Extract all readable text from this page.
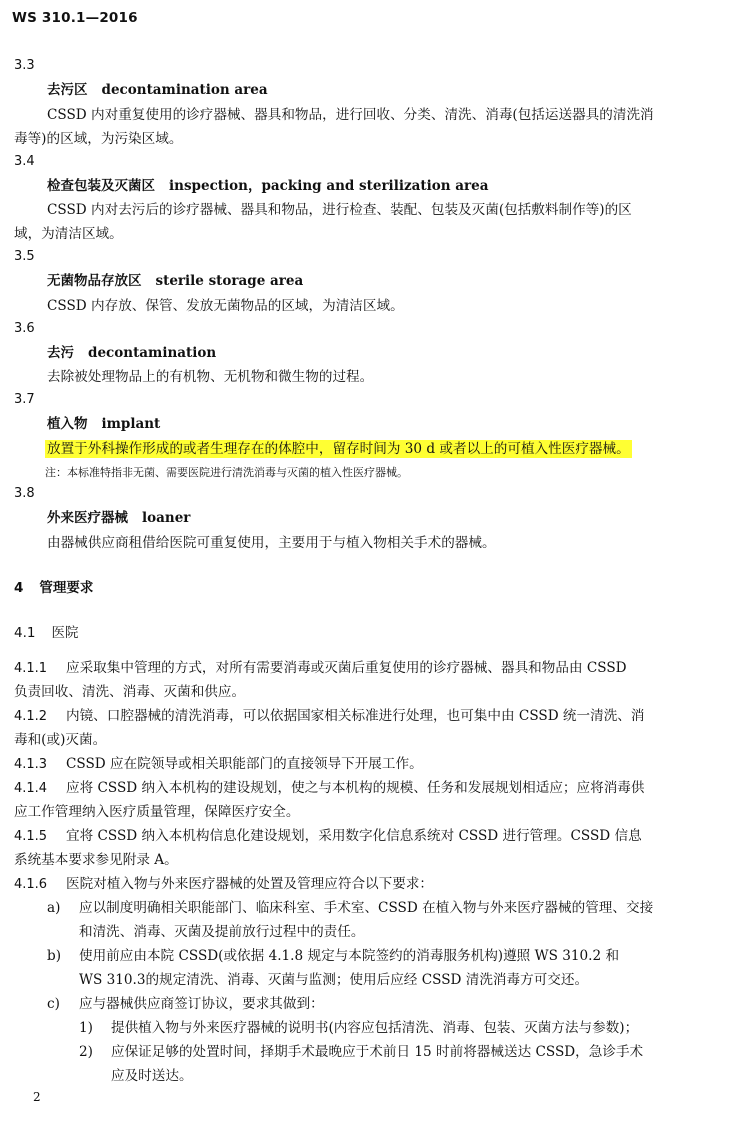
WS 310.1—2016
3.3
去污区 decontamination area
CSSD 内对重复使用的诊疗器械、器具和物品，进行回收、分类、清洗、消毒(包括运送器具的清洗消
毒等)的区域，为污染区域。
3.4
检查包装及灭菌区 inspection，packing and sterilization area
CSSD 内对去污后的诊疗器械、器具和物品，进行检查、装配、包装及灭菌(包括敷料制作等)的区
域，为清洁区域。
3.5
无菌物品存放区 sterile storage area
CSSD 内存放、保管、发放无菌物品的区域，为清洁区域。
3.6
去污 decontamination
去除被处理物品上的有机物、无机物和微生物的过程。
3.7
植入物 implant
放置于外科操作形成的或者生理存在的体腔中，留存时间为 30 d 或者以上的可植入性医疗器械。
注：本标准特指非无菌、需要医院进行清洗消毒与灭菌的植入性医疗器械。
3.8
外来医疗器械 loaner
由器械供应商租借给医院可重复使用，主要用于与植入物相关手术的器械。
4 管理要求
4.1 医院
4.1.1 应采取集中管理的方式，对所有需要消毒或灭菌后重复使用的诊疗器械、器具和物品由 CSSD
负责回收、清洗、消毒、灭菌和供应。
4.1.2 内镜、口腔器械的清洗消毒，可以依据国家相关标准进行处理，也可集中由 CSSD 统一清洗、消
毒和(或)灭菌。
4.1.3 CSSD 应在院领导或相关职能部门的直接领导下开展工作。
4.1.4 应将 CSSD 纳入本机构的建设规划，使之与本机构的规模、任务和发展规划相适应；应将消毒供
应工作管理纳入医疗质量管理，保障医疗安全。
4.1.5 宜将 CSSD 纳入本机构信息化建设规划，采用数字化信息系统对 CSSD 进行管理。CSSD 信息
系统基本要求参见附录 A。
4.1.6 医院对植入物与外来医疗器械的处置及管理应符合以下要求：
a) 应以制度明确相关职能部门、临床科室、手术室、CSSD 在植入物与外来医疗器械的管理、交接
和清洗、消毒、灭菌及提前放行过程中的责任。
b) 使用前应由本院 CSSD(或依据 4.1.8 规定与本院签约的消毒服务机构)遵照 WS 310.2 和
WS 310.3的规定清洗、消毒、灭菌与监测；使用后应经 CSSD 清洗消毒方可交还。
c) 应与器械供应商签订协议，要求其做到：
1) 提供植入物与外来医疗器械的说明书(内容应包括清洗、消毒、包装、灭菌方法与参数)；
2) 应保证足够的处置时间，择期手术最晚应于术前日 15 时前将器械送达 CSSD，急诊手术
应及时送达。
2
